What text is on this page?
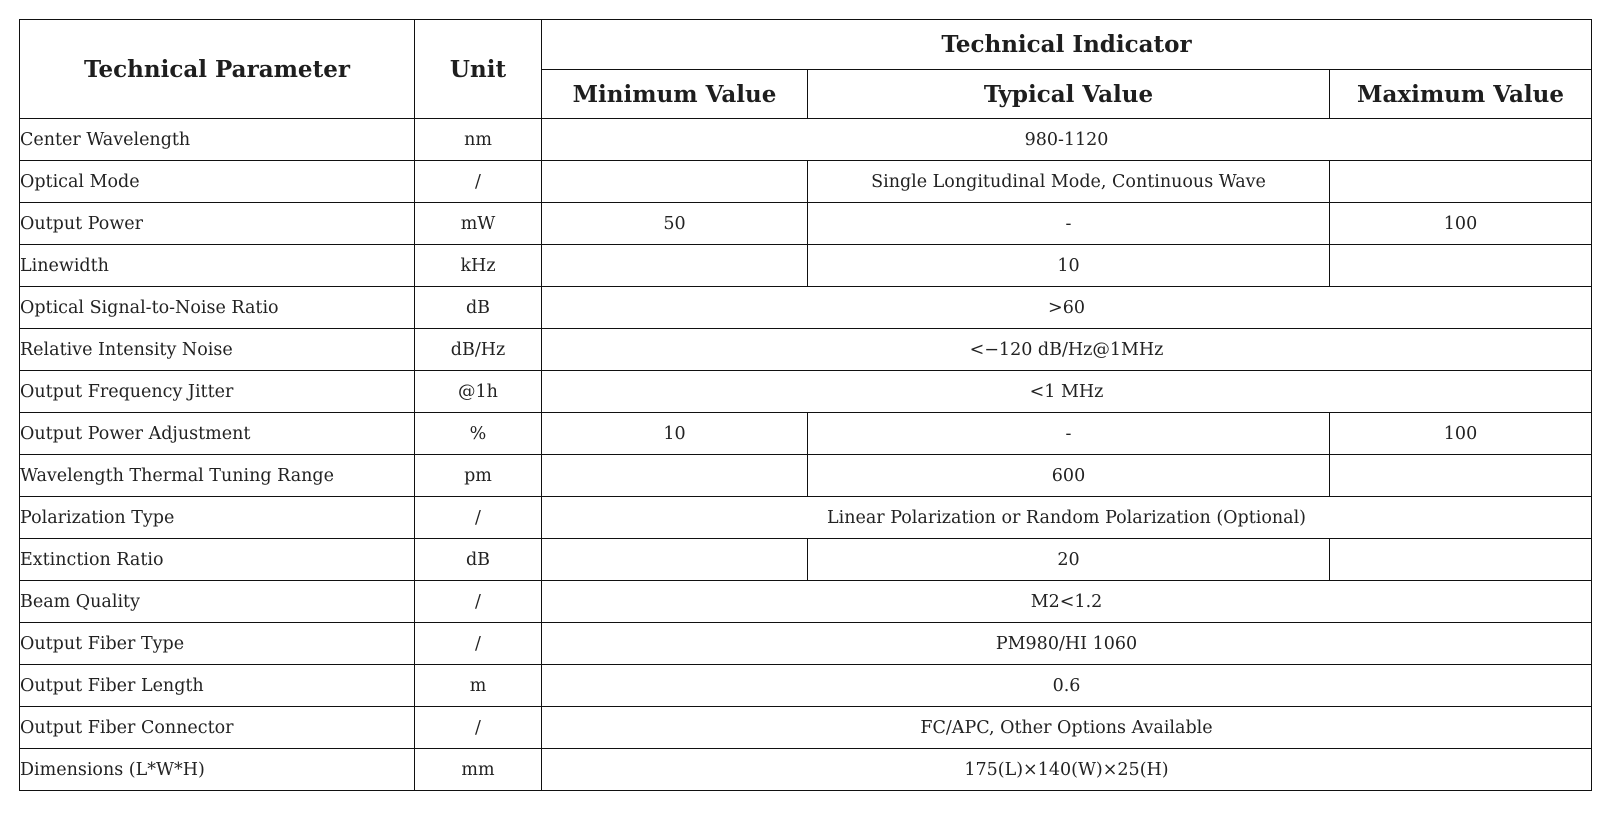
Technical Parameter	Unit	Technical Indicator		
		Minimum Value	Typical Value	Maximum Value
Center Wavelength	nm	980-1120		
Optical Mode	/		Single Longitudinal Mode, Continuous Wave	
Output Power	mW	50	-	100
Linewidth	kHz		10	
Optical Signal-to-Noise Ratio	dB	>60		
Relative Intensity Noise	dB/Hz	<−120 dB/Hz@1MHz		
Output Frequency Jitter	@1h	<1 MHz		
Output Power Adjustment	%	10	-	100
Wavelength Thermal Tuning Range	pm		600	
Polarization Type	/	Linear Polarization or Random Polarization (Optional)		
Extinction Ratio	dB		20	
Beam Quality	/	M2<1.2		
Output Fiber Type	/	PM980/HI 1060		
Output Fiber Length	m	0.6		
Output Fiber Connector	/	FC/APC, Other Options Available		
Dimensions (L*W*H)	mm	175(L)×140(W)×25(H)		
